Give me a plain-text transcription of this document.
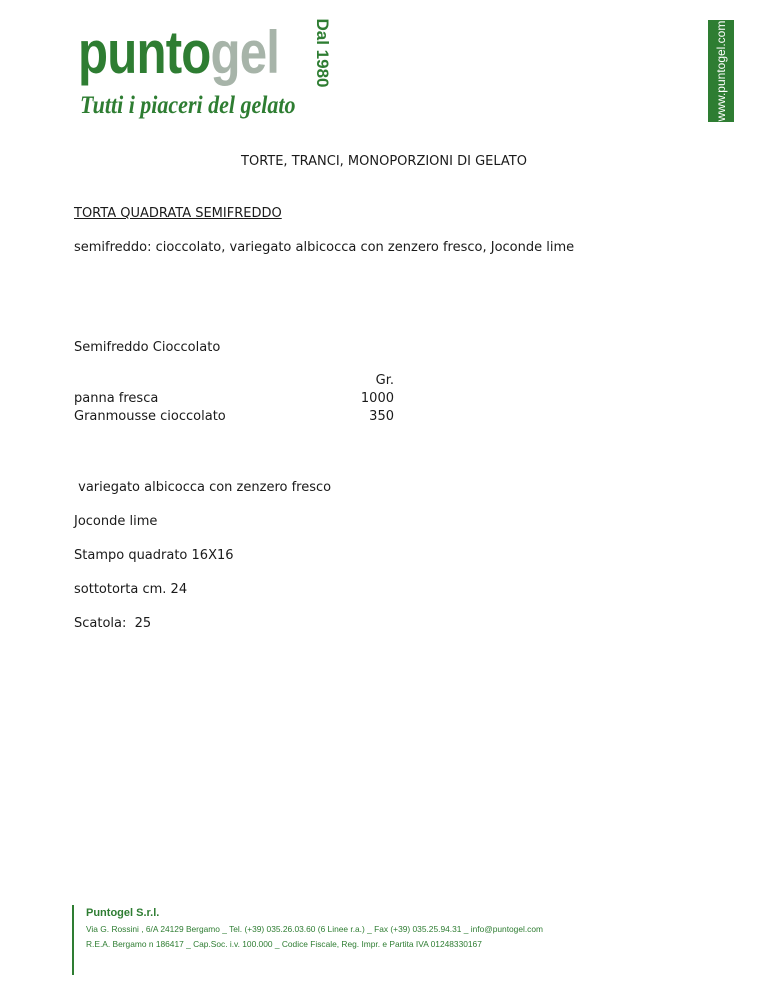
puntogel Dal 1980
Tutti i piaceri del gelato	www.puntogel.com
TORTE, TRANCI, MONOPORZIONI DI GELATO
TORTA QUADRATA SEMIFREDDO
semifreddo: cioccolato, variegato albicocca con zenzero fresco, Joconde lime
Semifreddo Cioccolato
Gr.
panna fresca	1000
Granmousse cioccolato	350
variegato albicocca con zenzero fresco
Joconde lime
Stampo quadrato 16X16
sottotorta cm. 24
Scatola:  25
Puntogel S.r.l.
Via G. Rossini , 6/A 24129 Bergamo _ Tel. (+39) 035.26.03.60 (6 Linee r.a.) _ Fax (+39) 035.25.94.31 _ info@puntogel.com
R.E.A. Bergamo n 186417 _ Cap.Soc. i.v. 100.000 _ Codice Fiscale, Reg. Impr. e Partita IVA 01248330167
